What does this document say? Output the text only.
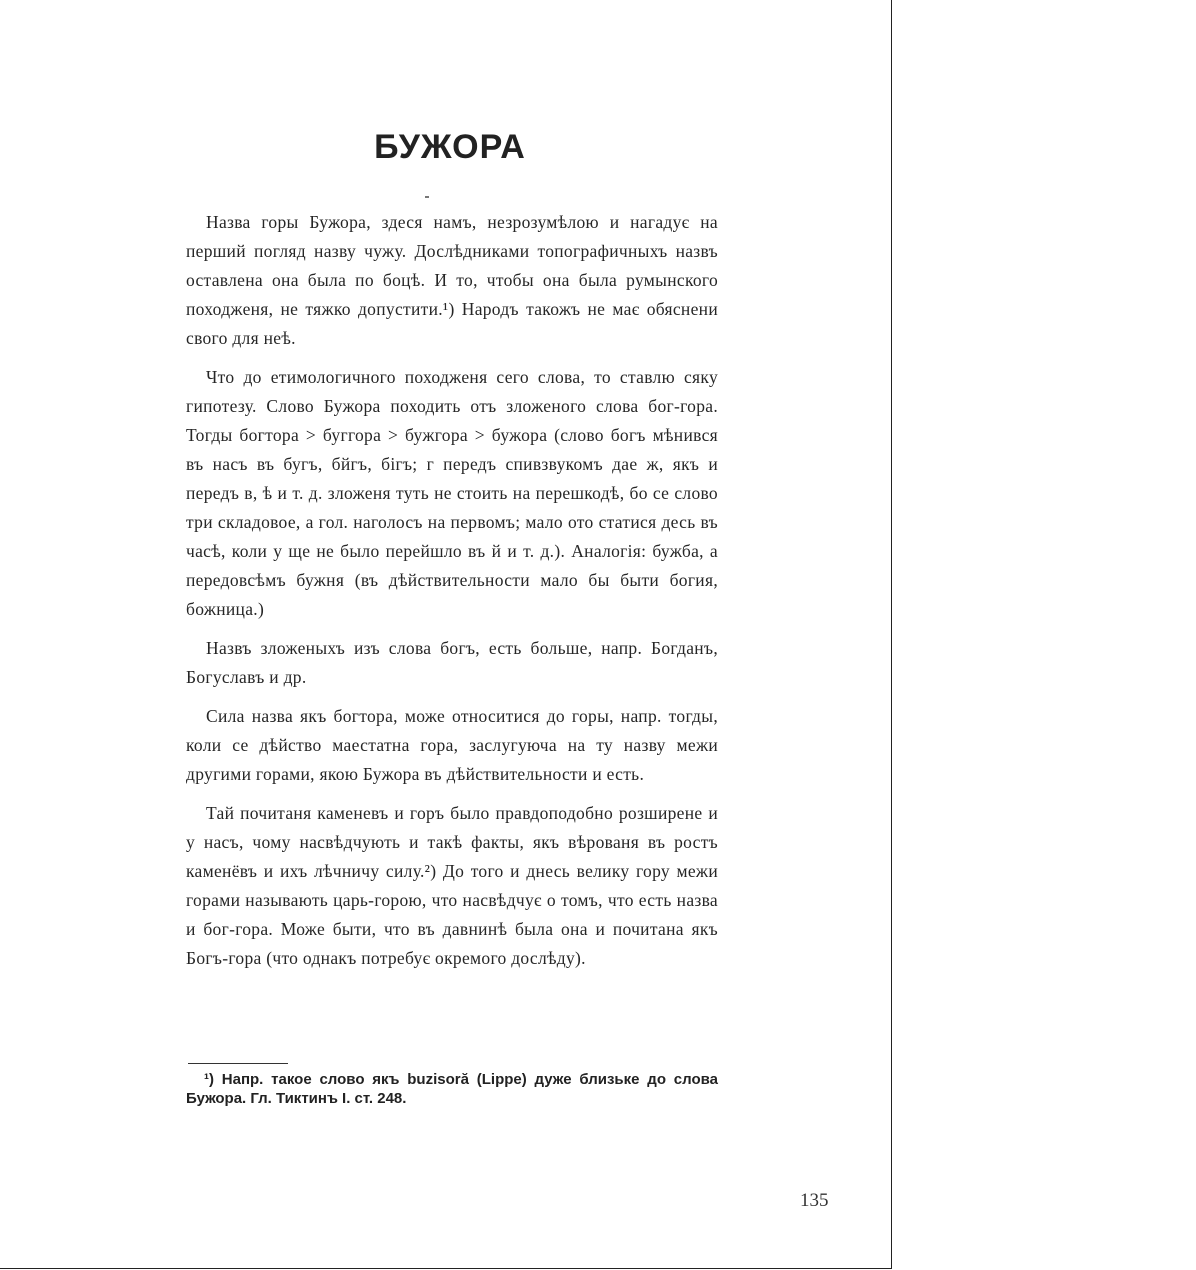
БУЖОРА

Назва горы Бужора, здеся намъ, незрозумѣлою и нагадує на перший погляд назву чужу. Дослѣдниками топографичныхъ назвъ оставлена она была по боцѣ. И то, чтобы она была румынского походженя, не тяжко допустити.¹) Народъ такожъ не має обяснени свого для неѣ.

Что до етимологичного походженя сего слова, то ставлю сяку гипотезу. Слово Бужора походить отъ зложеного слова бог-гора. Тогды богтора > буггора > бужгора > бужора (слово богъ мѣнився въ насъ въ бугъ, бйгъ, бігъ; г передъ спивзвукомъ дае ж, якъ и передъ в, ѣ и т. д. зложеня туть не стоить на перешкодѣ, бо се слово три складовое, а гол. наголосъ на первомъ; мало ото статися десь въ часѣ, коли у ще не было перейшло въ й и т. д.). Аналогія: бужба, а передовсѣмъ бужня (въ дѣйствительности мало бы быти богия, божница.)

Назвъ зложеныхъ изъ слова богъ, есть больше, напр. Богданъ, Богуславъ и др.

Сила назва якъ богтора, може относитися до горы, напр. тогды, коли се дѣйство маестатна гора, заслугуюча на ту назву межи другими горами, якою Бужора въ дѣйствительности и есть.

Тай почитаня каменевъ и горъ было правдоподобно розширене и у насъ, чому насвѣдчують и такѣ факты, якъ вѣрованя въ ростъ каменёвъ и ихъ лѣчничу силу.²) До того и днесь велику гору межи горами называють царь-горою, что насвѣдчує о томъ, что есть назва и бог-гора. Може быти, что въ давнинѣ была она и почитана якъ Богъ-гора (что однакъ потребує окремого дослѣду).

¹) Напр. такое слово якъ buzisoră (Lippe) дуже близьке до слова Бужора. Гл. Тиктинъ I. ст. 248.
135
